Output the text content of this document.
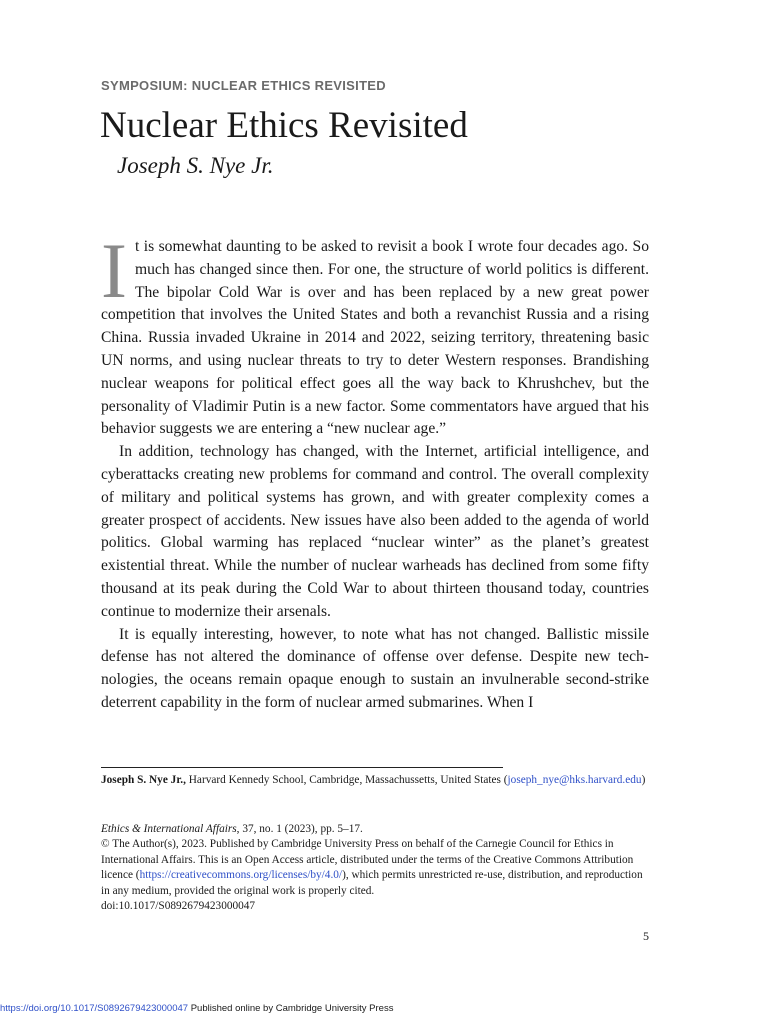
SYMPOSIUM: NUCLEAR ETHICS REVISITED
Nuclear Ethics Revisited
Joseph S. Nye Jr.

It is somewhat daunting to be asked to revisit a book I wrote four decades ago. So much has changed since then. For one, the structure of world politics is different. The bipolar Cold War is over and has been replaced by a new great power competition that involves the United States and both a revanchist Russia and a rising China. Russia invaded Ukraine in 2014 and 2022, seizing territory, threatening basic UN norms, and using nuclear threats to try to deter Western responses. Brandishing nuclear weapons for political effect goes all the way back to Khrushchev, but the personality of Vladimir Putin is a new factor. Some commentators have argued that his behavior suggests we are entering a “new nuclear age.”

In addition, technology has changed, with the Internet, artificial intelligence, and cyberattacks creating new problems for command and control. The overall complexity of military and political systems has grown, and with greater complexity comes a greater prospect of accidents. New issues have also been added to the agenda of world politics. Global warming has replaced “nuclear winter” as the planet’s greatest existential threat. While the number of nuclear warheads has declined from some fifty thousand at its peak during the Cold War to about thirteen thousand today, countries continue to modernize their arsenals.

It is equally interesting, however, to note what has not changed. Ballistic missile defense has not altered the dominance of offense over defense. Despite new technologies, the oceans remain opaque enough to sustain an invulnerable second-strike deterrent capability in the form of nuclear armed submarines. When I

Joseph S. Nye Jr., Harvard Kennedy School, Cambridge, Massachussetts, United States (joseph_nye@hks.harvard.edu)
Ethics & International Affairs, 37, no. 1 (2023), pp. 5–17.
© The Author(s), 2023. Published by Cambridge University Press on behalf of the Carnegie Council for Ethics in International Affairs. This is an Open Access article, distributed under the terms of the Creative Commons Attribution licence (https://creativecommons.org/licenses/by/4.0/), which permits unrestricted re-use, distribution, and reproduction in any medium, provided the original work is properly cited.
doi:10.1017/S0892679423000047
5
https://doi.org/10.1017/S0892679423000047 Published online by Cambridge University Press
